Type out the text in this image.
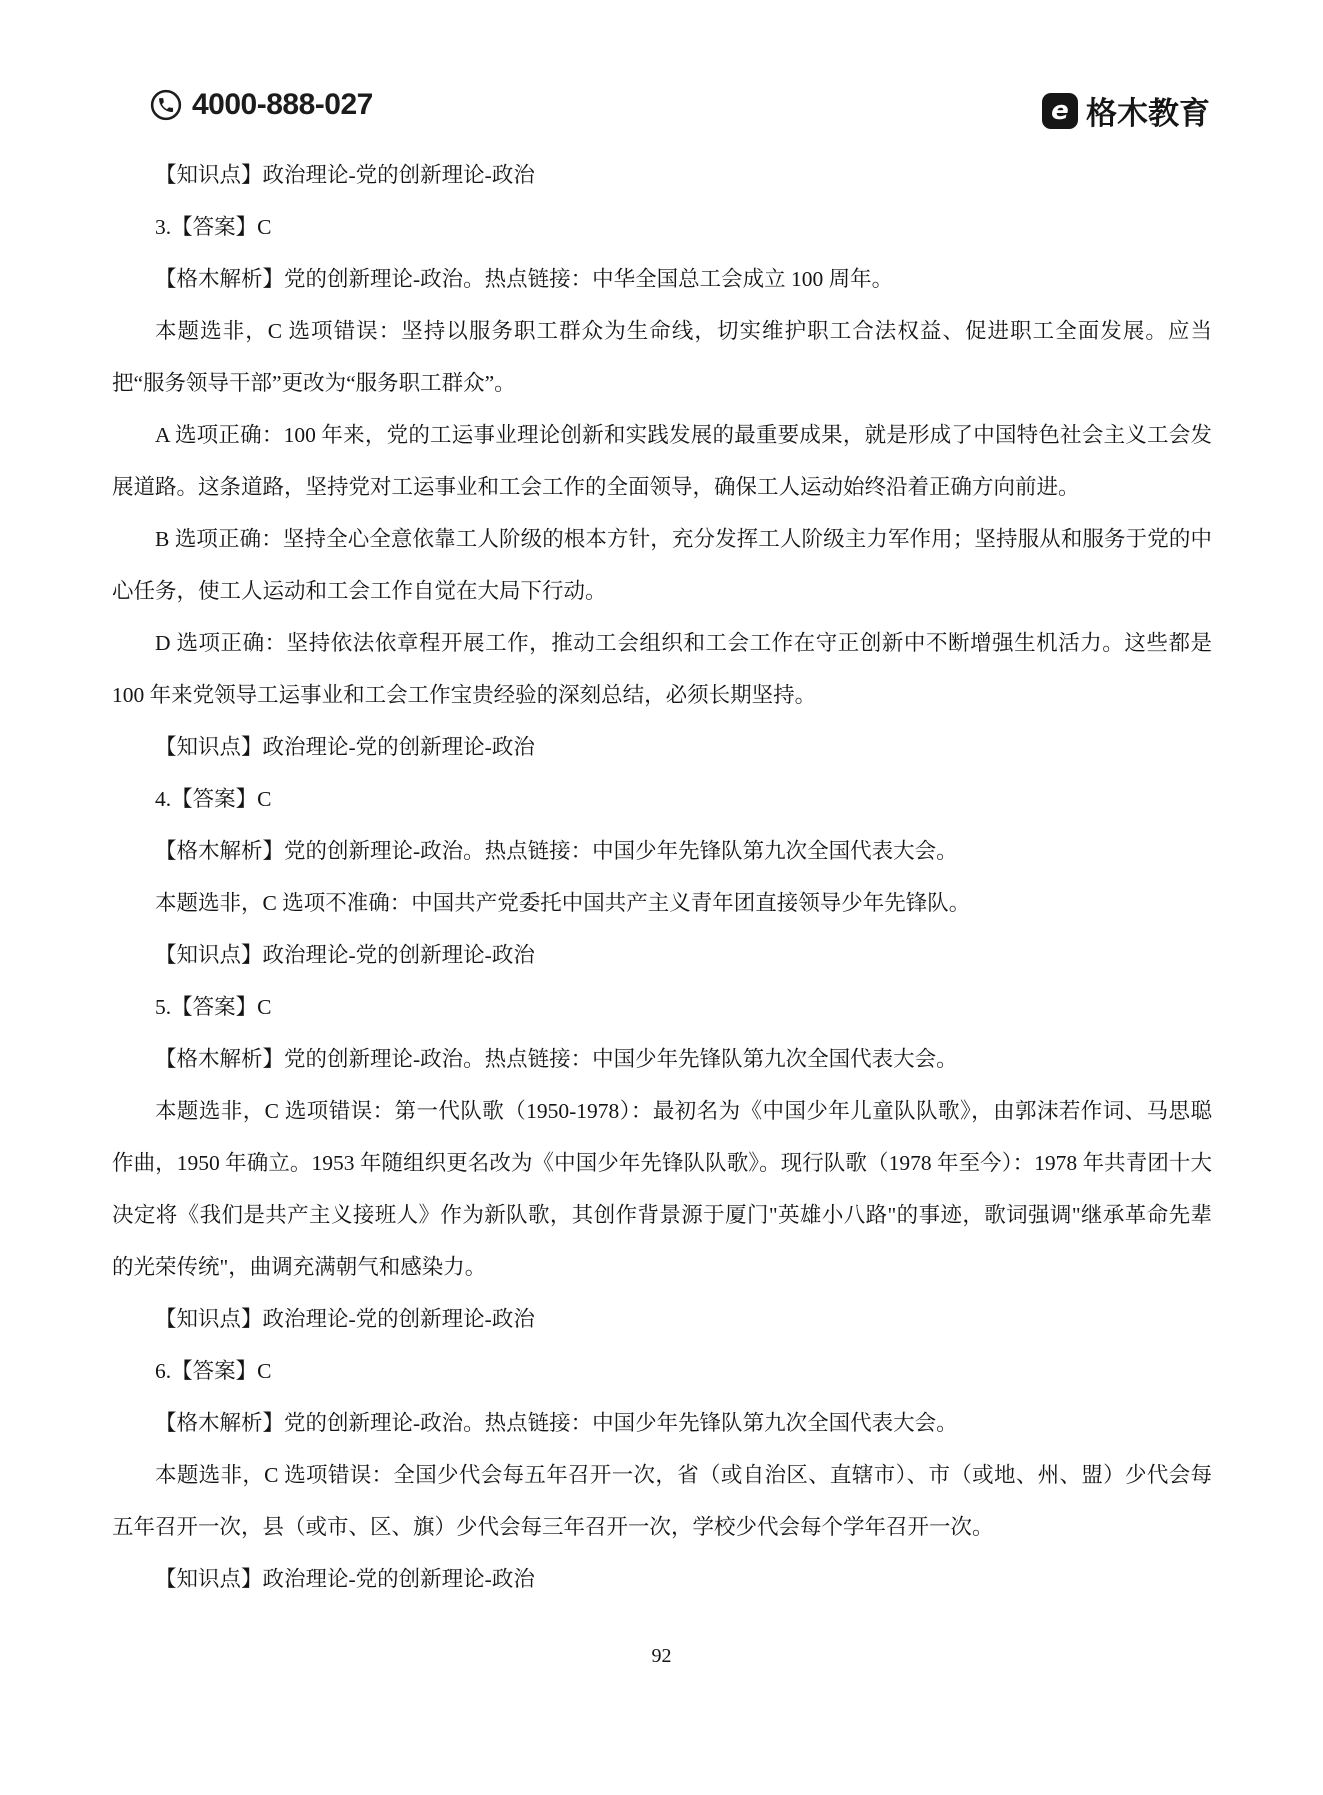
4000-888-027	e 格木教育

【知识点】政治理论-党的创新理论-政治

3.【答案】C

【格木解析】党的创新理论-政治。热点链接：中华全国总工会成立 100 周年。

本题选非，C 选项错误：坚持以服务职工群众为生命线，切实维护职工合法权益、促进职工全面发展。应当把“服务领导干部”更改为“服务职工群众”。

A 选项正确：100 年来，党的工运事业理论创新和实践发展的最重要成果，就是形成了中国特色社会主义工会发展道路。这条道路，坚持党对工运事业和工会工作的全面领导，确保工人运动始终沿着正确方向前进。

B 选项正确：坚持全心全意依靠工人阶级的根本方针，充分发挥工人阶级主力军作用；坚持服从和服务于党的中心任务，使工人运动和工会工作自觉在大局下行动。

D 选项正确：坚持依法依章程开展工作，推动工会组织和工会工作在守正创新中不断增强生机活力。这些都是 100 年来党领导工运事业和工会工作宝贵经验的深刻总结，必须长期坚持。

【知识点】政治理论-党的创新理论-政治

4.【答案】C

【格木解析】党的创新理论-政治。热点链接：中国少年先锋队第九次全国代表大会。

本题选非，C 选项不准确：中国共产党委托中国共产主义青年团直接领导少年先锋队。

【知识点】政治理论-党的创新理论-政治

5.【答案】C

【格木解析】党的创新理论-政治。热点链接：中国少年先锋队第九次全国代表大会。

本题选非，C 选项错误：第一代队歌（1950-1978）：最初名为《中国少年儿童队队歌》，由郭沫若作词、马思聪作曲，1950 年确立。1953 年随组织更名改为《中国少年先锋队队歌》。现行队歌（1978 年至今）：1978 年共青团十大决定将《我们是共产主义接班人》作为新队歌，其创作背景源于厦门"英雄小八路"的事迹，歌词强调"继承革命先辈的光荣传统"，曲调充满朝气和感染力。

【知识点】政治理论-党的创新理论-政治

6.【答案】C

【格木解析】党的创新理论-政治。热点链接：中国少年先锋队第九次全国代表大会。

本题选非，C 选项错误：全国少代会每五年召开一次，省（或自治区、直辖市）、市（或地、州、盟）少代会每五年召开一次，县（或市、区、旗）少代会每三年召开一次，学校少代会每个学年召开一次。

【知识点】政治理论-党的创新理论-政治

92
